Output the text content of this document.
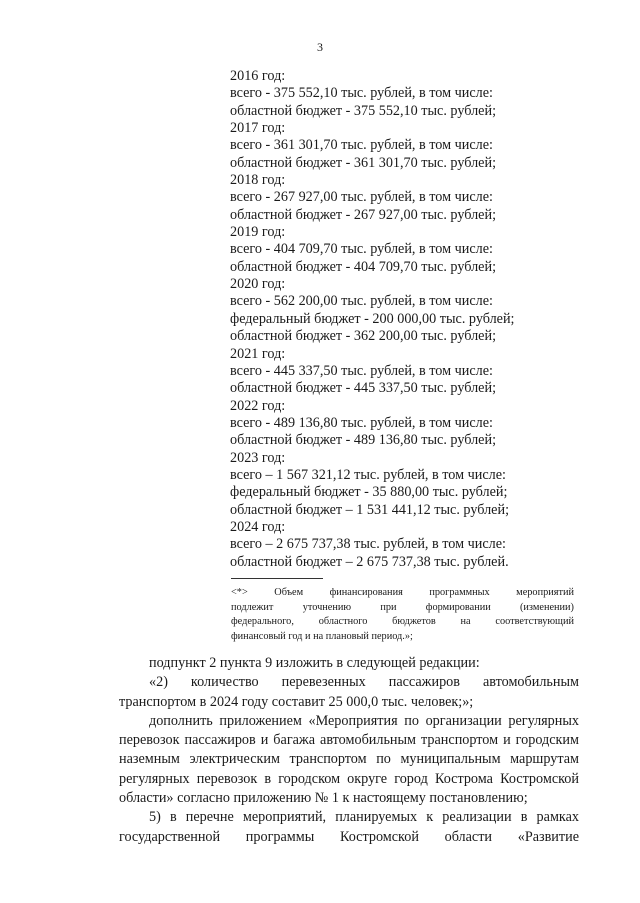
3
2016 год:
всего - 375 552,10 тыс. рублей, в том числе:
областной бюджет - 375 552,10 тыс. рублей;
2017 год:
всего - 361 301,70 тыс. рублей, в том числе:
областной бюджет - 361 301,70 тыс. рублей;
2018 год:
всего - 267 927,00 тыс. рублей, в том числе:
областной бюджет - 267 927,00 тыс. рублей;
2019 год:
всего - 404 709,70 тыс. рублей, в том числе:
областной бюджет - 404 709,70 тыс. рублей;
2020 год:
всего - 562 200,00 тыс. рублей, в том числе:
федеральный бюджет - 200 000,00 тыс. рублей;
областной бюджет - 362 200,00 тыс. рублей;
2021 год:
всего - 445 337,50 тыс. рублей, в том числе:
областной бюджет - 445 337,50 тыс. рублей;
2022 год:
всего - 489 136,80 тыс. рублей, в том числе:
областной бюджет - 489 136,80 тыс. рублей;
2023 год:
всего – 1 567 321,12 тыс. рублей, в том числе:
федеральный бюджет - 35 880,00 тыс. рублей;
областной бюджет – 1 531 441,12 тыс. рублей;
2024 год:
всего – 2 675 737,38 тыс. рублей, в том числе:
областной бюджет – 2 675 737,38 тыс. рублей.
<*> Объем финансирования программных мероприятий
подлежит уточнению при формировании (изменении)
федерального, областного бюджетов на соответствующий
финансовый год и на плановый период.»;
подпункт 2 пункта 9 изложить в следующей редакции:
«2) количество перевезенных пассажиров автомобильным
транспортом в 2024 году составит 25 000,0 тыс. человек;»;
дополнить приложением «Мероприятия по организации регулярных
перевозок пассажиров и багажа автомобильным транспортом и городским
наземным электрическим транспортом по муниципальным маршрутам
регулярных перевозок в городском округе город Кострома Костромской
области» согласно приложению № 1 к настоящему постановлению;
5) в перечне мероприятий, планируемых к реализации в рамках
государственной программы Костромской области «Развитие
